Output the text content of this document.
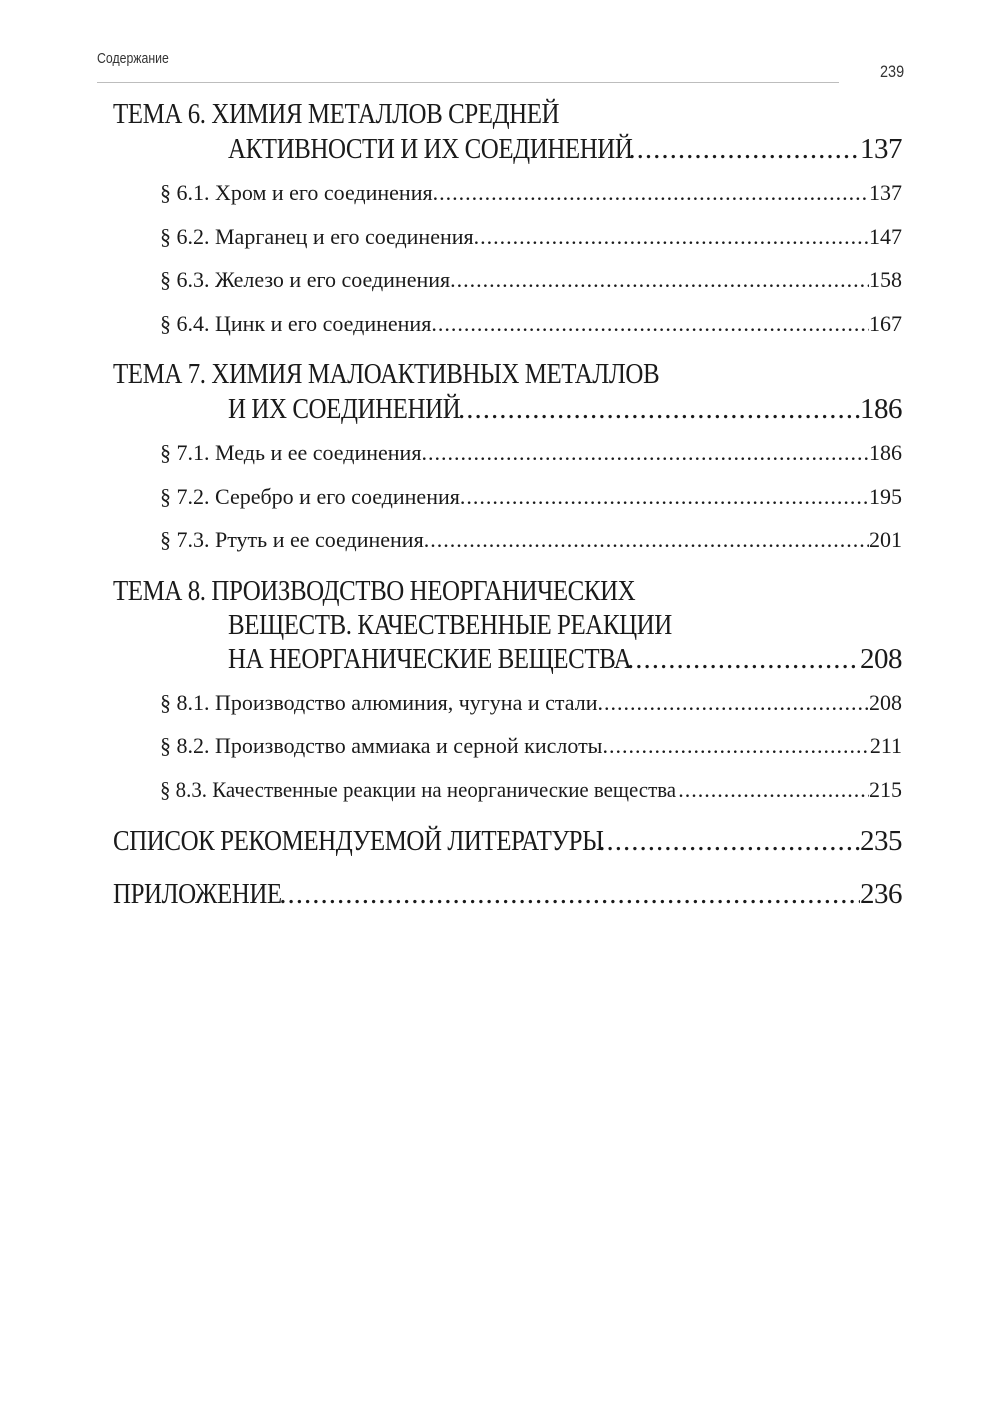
Содержание
239
ТЕМА 6. ХИМИЯ МЕТАЛЛОВ СРЕДНЕЙ
АКТИВНОСТИ И ИХ СОЕДИНЕНИЙ .....	137
§ 6.1. Хром и его соединения .....	137
§ 6.2. Марганец и его соединения .....	147
§ 6.3. Железо и его соединения .....	158
§ 6.4. Цинк и его соединения .....	167
ТЕМА 7. ХИМИЯ МАЛОАКТИВНЫХ МЕТАЛЛОВ
И ИХ СОЕДИНЕНИЙ .....	186
§ 7.1. Медь и ее соединения .....	186
§ 7.2. Серебро и его соединения .....	195
§ 7.3. Ртуть и ее соединения .....	201
ТЕМА 8. ПРОИЗВОДСТВО НЕОРГАНИЧЕСКИХ
ВЕЩЕСТВ. КАЧЕСТВЕННЫЕ РЕАКЦИИ
НА НЕОРГАНИЧЕСКИЕ ВЕЩЕСТВА .....	208
§ 8.1. Производство алюминия, чугуна и стали .....	208
§ 8.2. Производство аммиака и серной кислоты .....	211
§ 8.3. Качественные реакции на неорганические вещества .....	215
СПИСОК РЕКОМЕНДУЕМОЙ ЛИТЕРАТУРЫ .....	235
ПРИЛОЖЕНИЕ .....	236
